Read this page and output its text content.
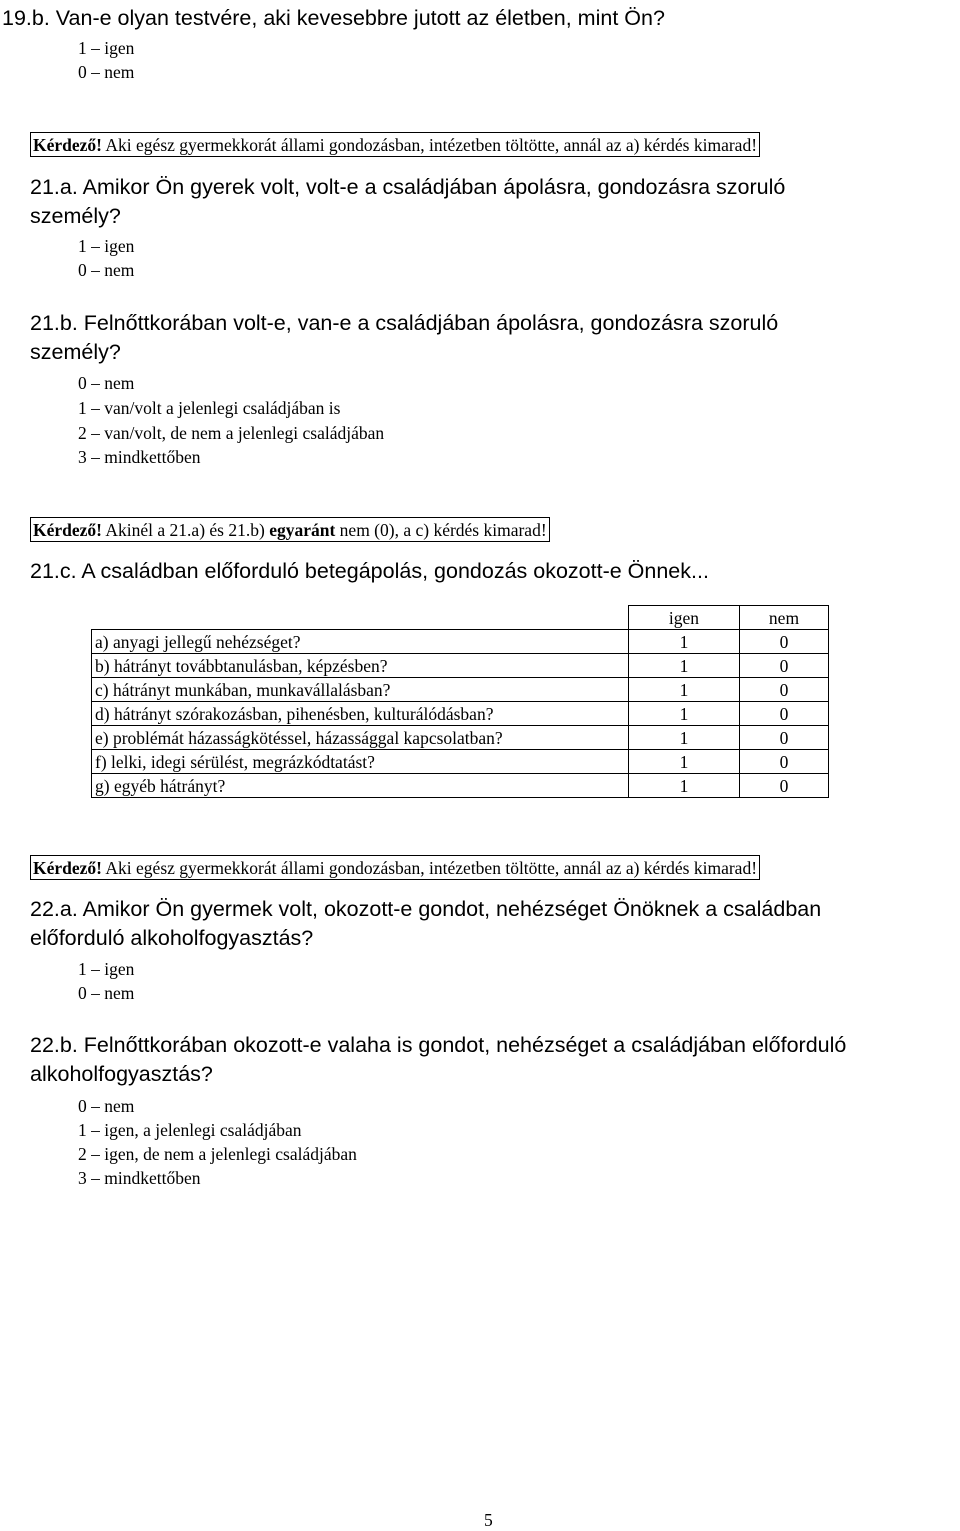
19.b. Van-e olyan testvére, aki kevesebbre jutott az életben, mint Ön?
1 – igen
0 – nem
Kérdező! Aki egész gyermekkorát állami gondozásban, intézetben töltötte, annál az a) kérdés kimarad!
21.a. Amikor Ön gyerek volt, volt-e a családjában ápolásra, gondozásra szoruló
személy?
1 – igen
0 – nem
21.b. Felnőttkorában volt-e, van-e a családjában ápolásra, gondozásra szoruló
személy?
0 – nem
1 – van/volt a jelenlegi családjában is
2 – van/volt, de nem a jelenlegi családjában
3 – mindkettőben
Kérdező! Akinél a 21.a) és 21.b) egyaránt nem (0), a c) kérdés kimarad!
21.c. A családban előforduló betegápolás, gondozás okozott-e Önnek...
	igen	nem
a) anyagi jellegű nehézséget?	1	0
b) hátrányt továbbtanulásban, képzésben?	1	0
c) hátrányt munkában, munkavállalásban?	1	0
d) hátrányt szórakozásban, pihenésben, kulturálódásban?	1	0
e) problémát házasságkötéssel, házassággal kapcsolatban?	1	0
f) lelki, idegi sérülést, megrázkódtatást?	1	0
g) egyéb hátrányt?	1	0
Kérdező! Aki egész gyermekkorát állami gondozásban, intézetben töltötte, annál az a) kérdés kimarad!
22.a. Amikor Ön gyermek volt, okozott-e gondot, nehézséget Önöknek a családban
előforduló alkoholfogyasztás?
1 – igen
0 – nem
22.b. Felnőttkorában okozott-e valaha is gondot, nehézséget a családjában előforduló
alkoholfogyasztás?
0 – nem
1 – igen, a jelenlegi családjában
2 – igen, de nem a jelenlegi családjában
3 – mindkettőben
5
